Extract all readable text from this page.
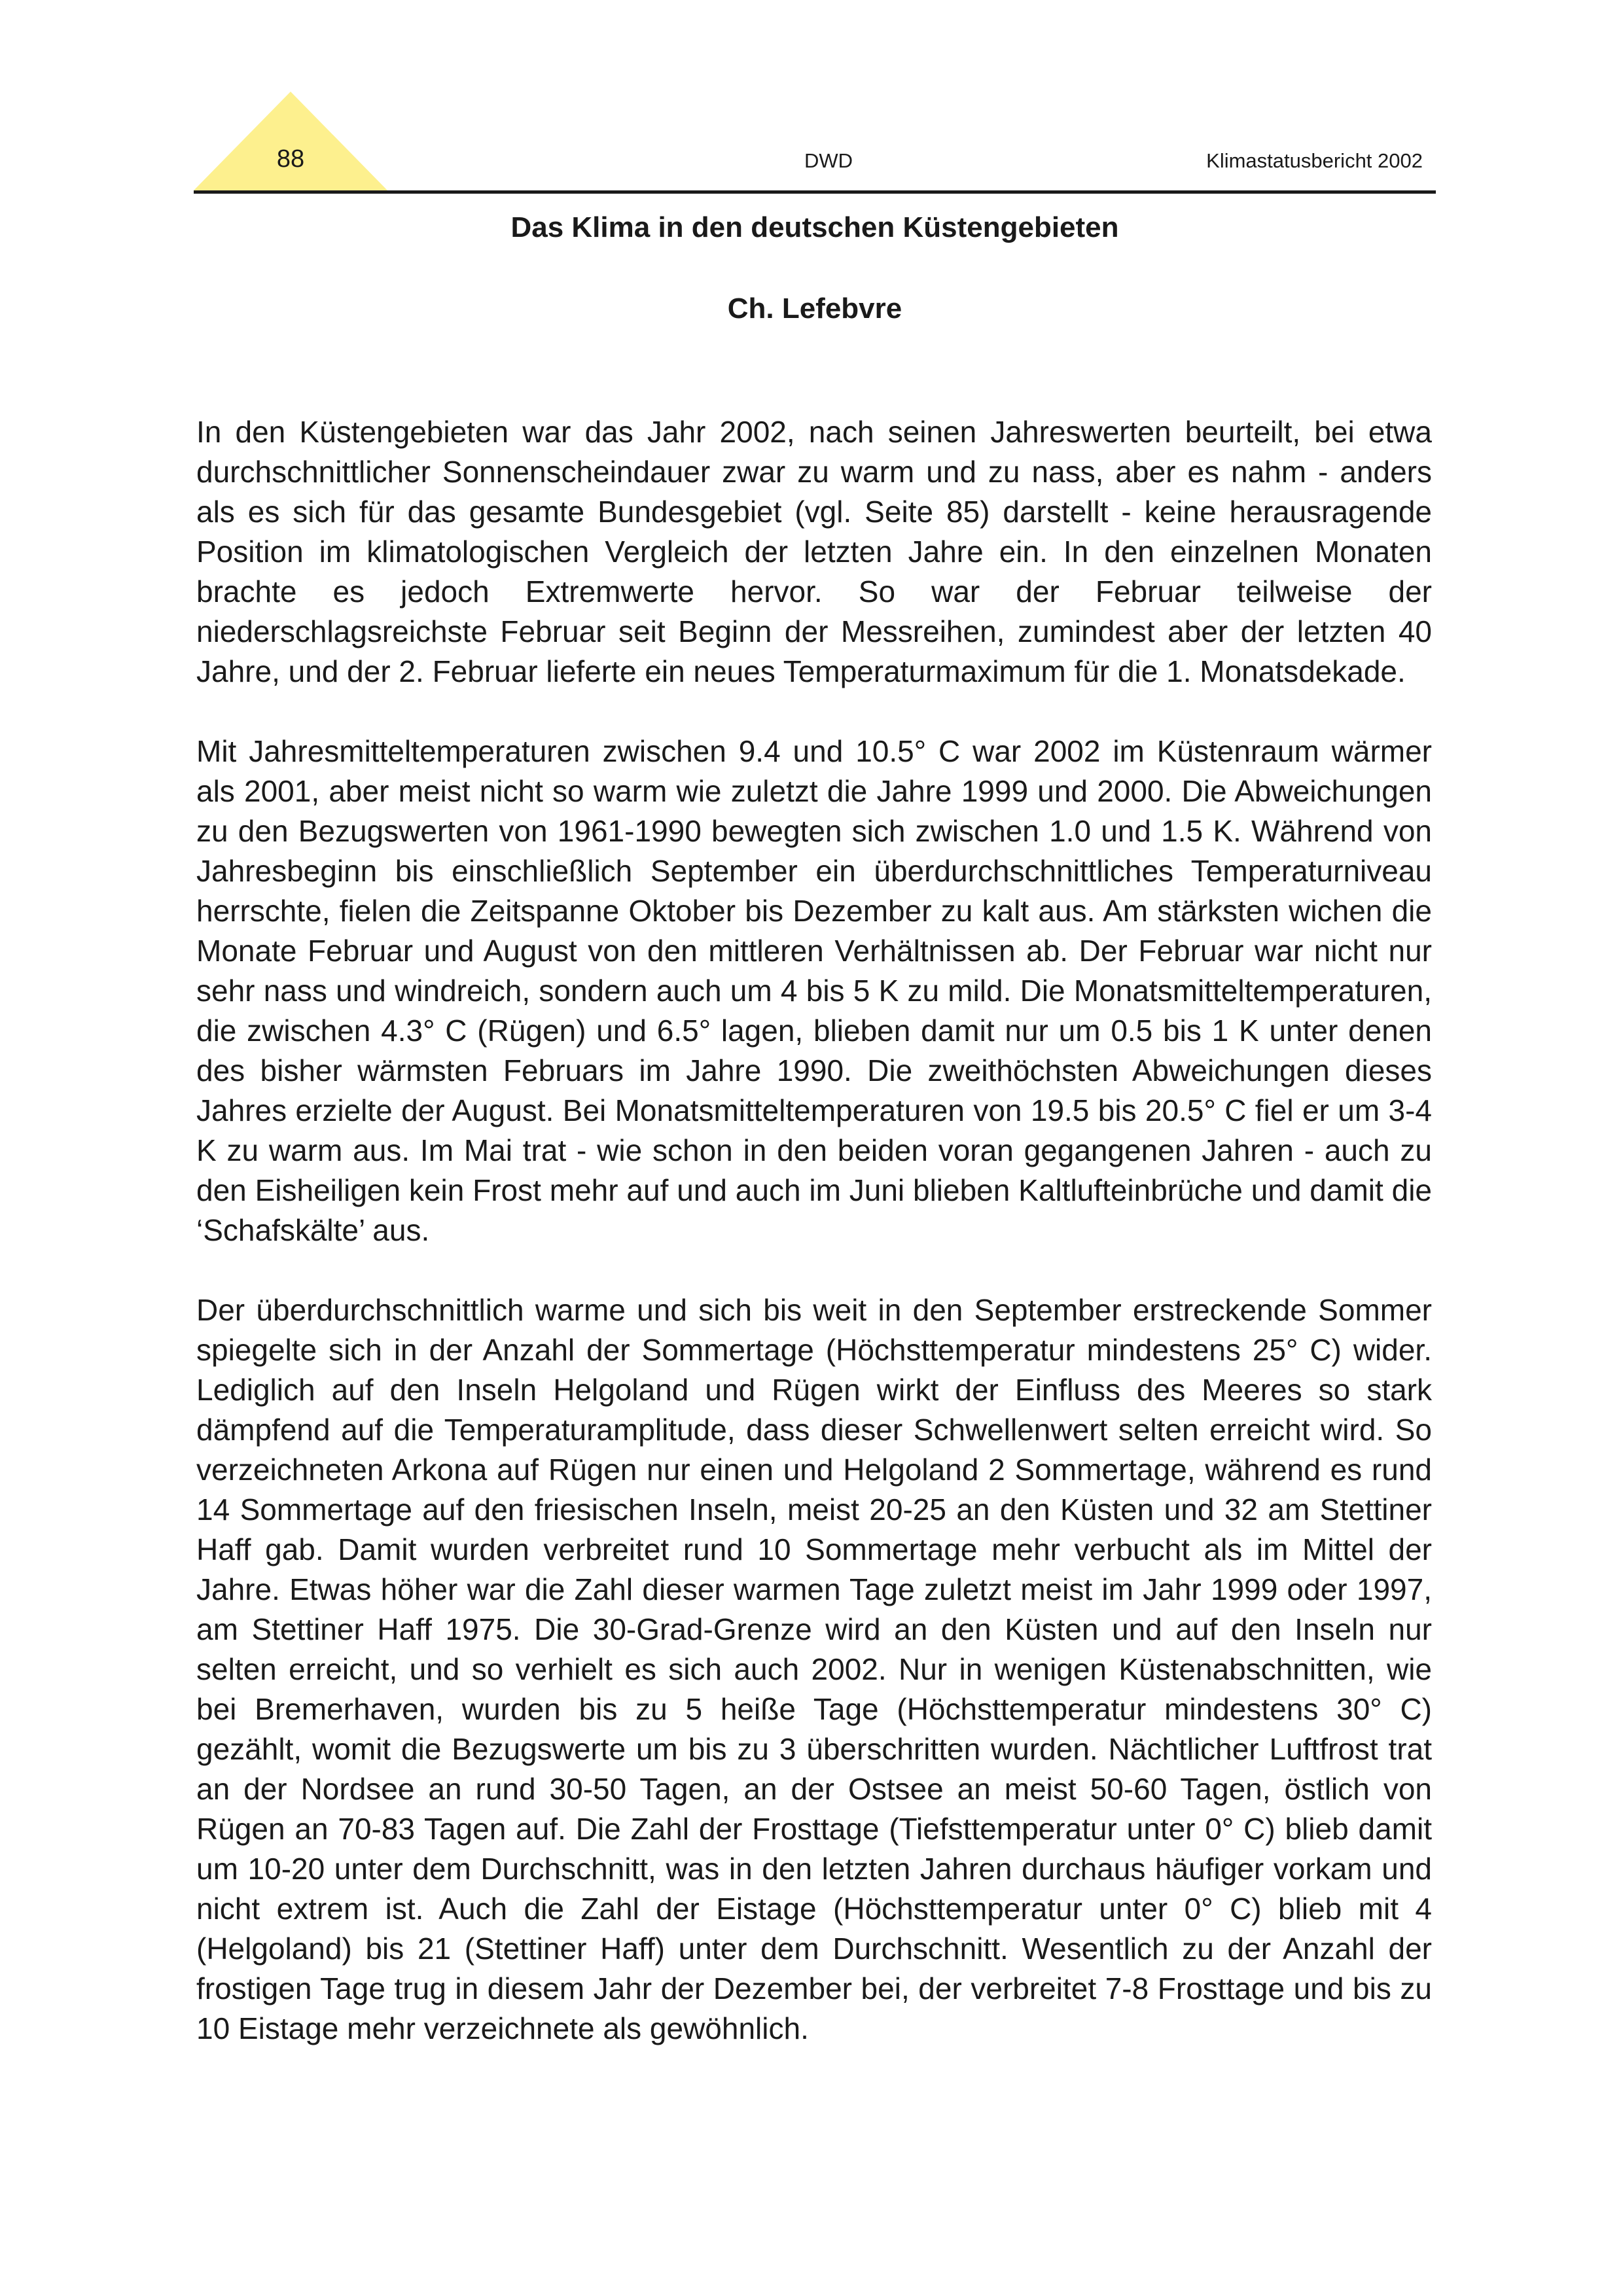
88	DWD	Klimastatusbericht 2002
Das Klima in den deutschen Küstengebieten
Ch. Lefebvre

In den Küstengebieten war das Jahr 2002, nach seinen Jahreswerten beurteilt, bei etwa durchschnittlicher Sonnenscheindauer zwar zu warm und zu nass, aber es nahm - anders als es sich für das gesamte Bundesgebiet (vgl. Seite 85) darstellt - keine herausragende Position im klimatologischen Vergleich der letzten Jahre ein. In den einzelnen Monaten brachte es jedoch Extremwerte hervor. So war der Februar teilweise der niederschlagsreichste Februar seit Beginn der Messreihen, zumindest aber der letzten 40 Jahre, und der 2. Februar lieferte ein neues Temperaturmaximum für die 1. Monatsdekade.

Mit Jahresmitteltemperaturen zwischen 9.4 und 10.5° C war 2002 im Küstenraum wärmer als 2001, aber meist nicht so warm wie zuletzt die Jahre 1999 und 2000. Die Abweichungen zu den Bezugswerten von 1961-1990 bewegten sich zwischen 1.0 und 1.5 K. Während von Jahresbeginn bis einschließlich September ein überdurchschnittliches Temperaturniveau herrschte, fielen die Zeitspanne Oktober bis Dezember zu kalt aus. Am stärksten wichen die Monate Februar und August von den mittleren Verhältnissen ab. Der Februar war nicht nur sehr nass und windreich, sondern auch um 4 bis 5 K zu mild. Die Monatsmitteltemperaturen, die zwischen 4.3° C (Rügen) und 6.5° lagen, blieben damit nur um 0.5 bis 1 K unter denen des bisher wärmsten Februars im Jahre 1990. Die zweithöchsten Abweichungen dieses Jahres erzielte der August. Bei Monatsmitteltemperaturen von 19.5 bis 20.5° C fiel er um 3-4 K zu warm aus. Im Mai trat - wie schon in den beiden voran gegangenen Jahren - auch zu den Eisheiligen kein Frost mehr auf und auch im Juni blieben Kaltlufteinbrüche und damit die ‘Schafskälte’ aus.

Der überdurchschnittlich warme und sich bis weit in den September erstreckende Sommer spiegelte sich in der Anzahl der Sommertage (Höchsttemperatur mindestens 25° C) wider. Lediglich auf den Inseln Helgoland und Rügen wirkt der Einfluss des Meeres so stark dämpfend auf die Temperaturamplitude, dass dieser Schwellenwert selten erreicht wird. So verzeichneten Arkona auf Rügen nur einen und Helgoland 2 Sommertage, während es rund 14 Sommertage auf den friesischen Inseln, meist 20-25 an den Küsten und 32 am Stettiner Haff gab. Damit wurden verbreitet rund 10 Sommertage mehr verbucht als im Mittel der Jahre. Etwas höher war die Zahl dieser warmen Tage zuletzt meist im Jahr 1999 oder 1997, am Stettiner Haff 1975. Die 30-Grad-Grenze wird an den Küsten und auf den Inseln nur selten erreicht, und so verhielt es sich auch 2002. Nur in wenigen Küstenabschnitten, wie bei Bremerhaven, wurden bis zu 5 heiße Tage (Höchsttemperatur mindestens 30° C) gezählt, womit die Bezugswerte um bis zu 3 überschritten wurden. Nächtlicher Luftfrost trat an der Nordsee an rund 30-50 Tagen, an der Ostsee an meist 50-60 Tagen, östlich von Rügen an 70-83 Tagen auf. Die Zahl der Frosttage (Tiefsttemperatur unter 0° C) blieb damit um 10-20 unter dem Durchschnitt, was in den letzten Jahren durchaus häufiger vorkam und nicht extrem ist. Auch die Zahl der Eistage (Höchsttemperatur unter 0° C) blieb mit 4 (Helgoland) bis 21 (Stettiner Haff) unter dem Durchschnitt. Wesentlich zu der Anzahl der frostigen Tage trug in diesem Jahr der Dezember bei, der verbreitet 7-8 Frosttage und bis zu 10 Eistage mehr verzeichnete als gewöhnlich.
